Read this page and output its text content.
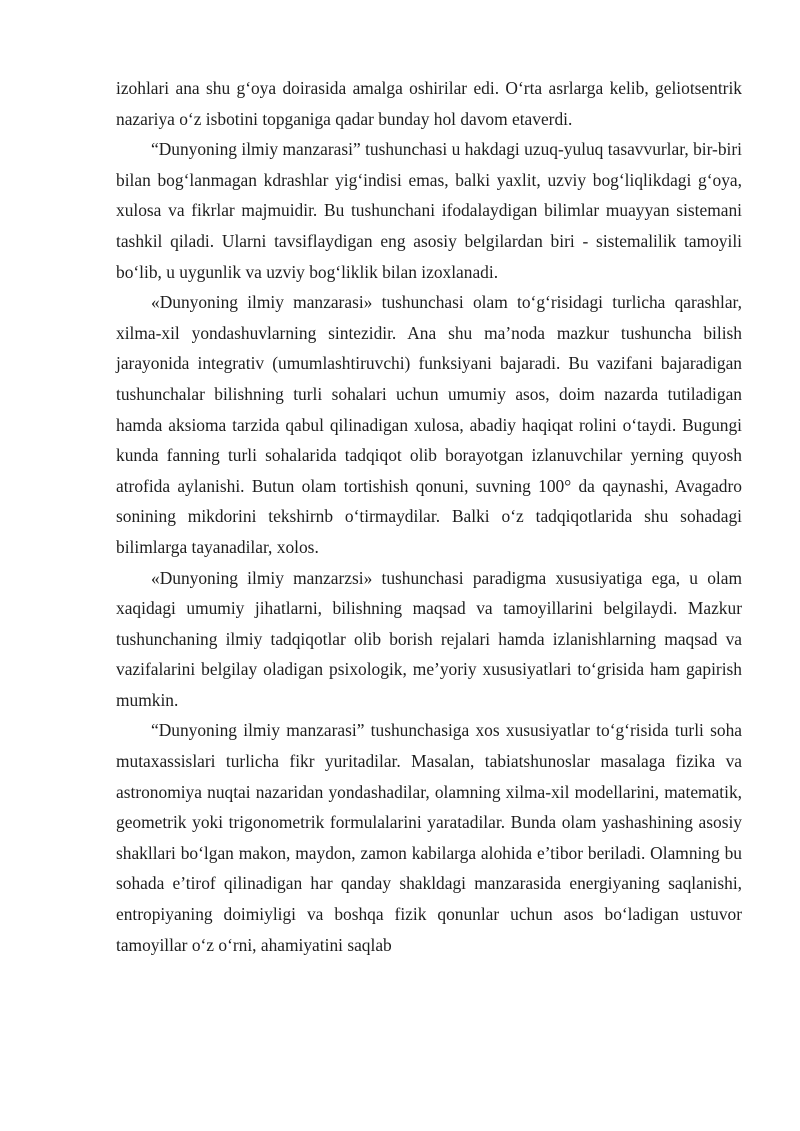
izohlari ana shu g‘oya doirasida amalga oshirilar edi. O‘rta asrlarga kelib, geliotsentrik nazariya o‘z isbotini topganiga qadar bunday hol davom etaverdi.

“Dunyoning ilmiy manzarasi” tushunchasi u hakdagi uzuq-yuluq tasavvurlar, bir-biri bilan bog‘lanmagan kdrashlar yig‘indisi emas, balki yaxlit, uzviy bog‘liqlikdagi g‘oya, xulosa va fikrlar majmuidir. Bu tushunchani ifodalaydigan bilimlar muayyan sistemani tashkil qiladi. Ularni tavsiflaydigan eng asosiy belgilardan biri - sistemalilik tamoyili bo‘lib, u uygunlik va uzviy bog‘liklik bilan izoxlanadi.

«Dunyoning ilmiy manzarasi» tushunchasi olam to‘g‘risidagi turlicha qarashlar, xilma-xil yondashuvlarning sintezidir. Ana shu ma’noda mazkur tushuncha bilish jarayonida integrativ (umumlashtiruvchi) funksiyani bajaradi. Bu vazifani bajaradigan tushunchalar bilishning turli sohalari uchun umumiy asos, doim nazarda tutiladigan hamda aksioma tarzida qabul qilinadigan xulosa, abadiy haqiqat rolini o‘taydi. Bugungi kunda fanning turli sohalarida tadqiqot olib borayotgan izlanuvchilar yerning quyosh atrofida aylanishi. Butun olam tortishish qonuni, suvning 100° da qaynashi, Avagadro sonining mikdorini tekshirnb o‘tirmaydilar. Balki o‘z tadqiqotlarida shu sohadagi bilimlarga tayanadilar, xolos.

«Dunyoning ilmiy manzarzsi» tushunchasi paradigma xususiyatiga ega, u olam xaqidagi umumiy jihatlarni, bilishning maqsad va tamoyillarini belgilaydi. Mazkur tushunchaning ilmiy tadqiqotlar olib borish rejalari hamda izlanishlarning maqsad va vazifalarini belgilay oladigan psixologik, me’yoriy xususiyatlari to‘grisida ham gapirish mumkin.

“Dunyoning ilmiy manzarasi” tushunchasiga xos xususiyatlar to‘g‘risida turli soha mutaxassislari turlicha fikr yuritadilar. Masalan, tabiatshunoslar masalaga fizika va astronomiya nuqtai nazaridan yondashadilar, olamning xilma-xil modellarini, matematik, geometrik yoki trigonometrik formulalarini yaratadilar. Bunda olam yashashining asosiy shakllari bo‘lgan makon, maydon, zamon kabilarga alohida e’tibor beriladi. Olamning bu sohada e’tirof qilinadigan har qanday shakldagi manzarasida energiyaning saqlanishi, entropiyaning doimiyligi va boshqa fizik qonunlar uchun asos bo‘ladigan ustuvor tamoyillar o‘z o‘rni, ahamiyatini saqlab
